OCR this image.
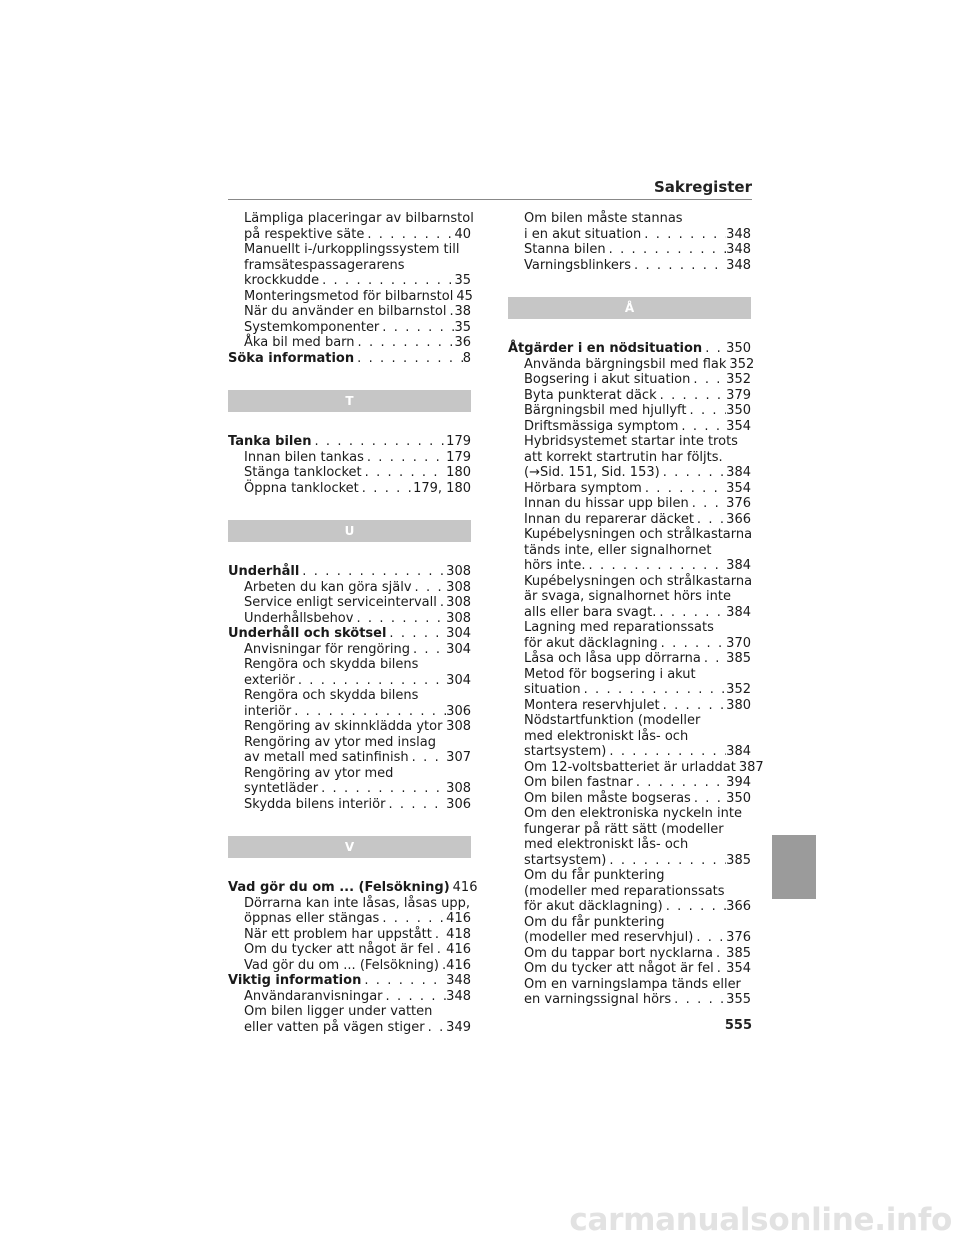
Sakregister
Lämpliga placeringar av bilbarnstol
på respektive säte . . .	40
Manuellt i-/urkopplingssystem till
framsätespassagerarens
krockkudde . . .	35
Monteringsmetod för bilbarnstol 45
När du använder en bilbarnstol . . . 38
Systemkomponenter . . .	35
Åka bil med barn . . .	36
Söka information . . .	8
T
Tanka bilen . . .	179
Innan bilen tankas . . .	179
Stänga tanklocket . . .	180
Öppna tanklocket . . .	179, 180
U
Underhåll . . .	308
Arbeten du kan göra själv . . .	308
Service enligt serviceintervall . . . 308
Underhållsbehov . . .	308
Underhåll och skötsel . . .	304
Anvisningar för rengöring . . .	304
Rengöra och skydda bilens
exteriör . . .	304
Rengöra och skydda bilens
interiör . . .	306
Rengöring av skinnklädda ytor . . . 308
Rengöring av ytor med inslag
av metall med satinfinish . . .	307
Rengöring av ytor med
syntetläder . . .	308
Skydda bilens interiör . . .	306
V
Vad gör du om ... (Felsökning) 416
Dörrarna kan inte låsas, låsas upp,
öppnas eller stängas . . .	416
När ett problem har uppstått . . . 418
Om du tycker att något är fel . . . 416
Vad gör du om ... (Felsökning) . . . 416
Viktig information . . .	348
Användaranvisningar . . .	348
Om bilen ligger under vatten
eller vatten på vägen stiger . . . 349
Om bilen måste stannas
i en akut situation . . .	348
Stanna bilen . . .	348
Varningsblinkers . . .	348
Å
Åtgärder i en nödsituation . . . 350
Använda bärgningsbil med flak 352
Bogsering i akut situation . . .	352
Byta punkterat däck . . .	379
Bärgningsbil med hjullyft . . .	350
Driftsmässiga symptom . . .	354
Hybridsystemet startar inte trots
att korrekt startrutin har följts.
(→Sid. 151, Sid. 153) . . .	384
Hörbara symptom . . .	354
Innan du hissar upp bilen . . .	376
Innan du reparerar däcket . . . 366
Kupébelysningen och strålkastarna
tänds inte, eller signalhornet
hörs inte. . . .	384
Kupébelysningen och strålkastarna
är svaga, signalhornet hörs inte
alls eller bara svagt. . . .	384
Lagning med reparationssats
för akut däcklagning . . .	370
Låsa och låsa upp dörrarna . . . 385
Metod för bogsering i akut
situation . . .	352
Montera reservhjulet . . .	380
Nödstartfunktion (modeller
med elektroniskt lås- och
startsystem) . . .	384
Om 12-voltsbatteriet är urladdat 387
Om bilen fastnar . . .	394
Om bilen måste bogseras . . .	350
Om den elektroniska nyckeln inte
fungerar på rätt sätt (modeller
med elektroniskt lås- och
startsystem) . . .	385
Om du får punktering
(modeller med reparationssats
för akut däcklagning) . . .	366
Om du får punktering
(modeller med reservhjul) . . .	376
Om du tappar bort nycklarna . . . 385
Om du tycker att något är fel . . . 354
Om en varningslampa tänds eller
en varningssignal hörs . . .	355
555
carmanualsonline.info
